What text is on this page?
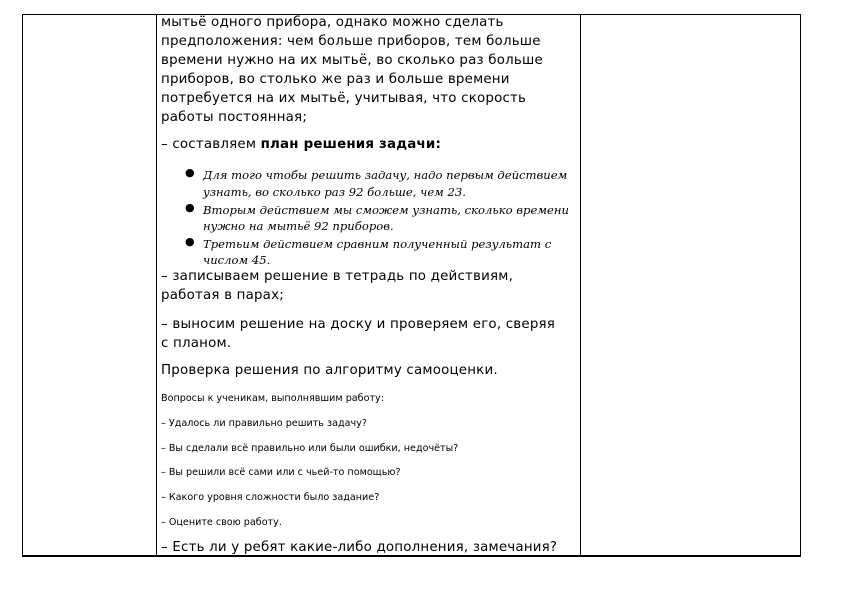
мытьё одного прибора, однако можно сделать
предположения: чем больше приборов, тем больше
времени нужно на их мытьё, во сколько раз больше
приборов, во столько же раз и больше времени
потребуется на их мытьё, учитывая, что скорость
работы постоянная;
– составляем план решения задачи:
● Для того чтобы решить задачу, надо первым действием
узнать, во сколько раз 92 больше, чем 23.
● Вторым действием мы сможем узнать, сколько времени
нужно на мытьё 92 приборов.
● Третьим действием сравним полученный результат с
числом 45.
– записываем решение в тетрадь по действиям,
работая в парах;
– выносим решение на доску и проверяем его, сверяя
с планом.
Проверка решения по алгоритму самооценки.
Вопросы к ученикам, выполнявшим работу:
– Удалось ли правильно решить задачу?
– Вы сделали всё правильно или были ошибки, недочёты?
– Вы решили всё сами или с чьей-то помощью?
– Какого уровня сложности было задание?
– Оцените свою работу.
– Есть ли у ребят какие-либо дополнения, замечания?
